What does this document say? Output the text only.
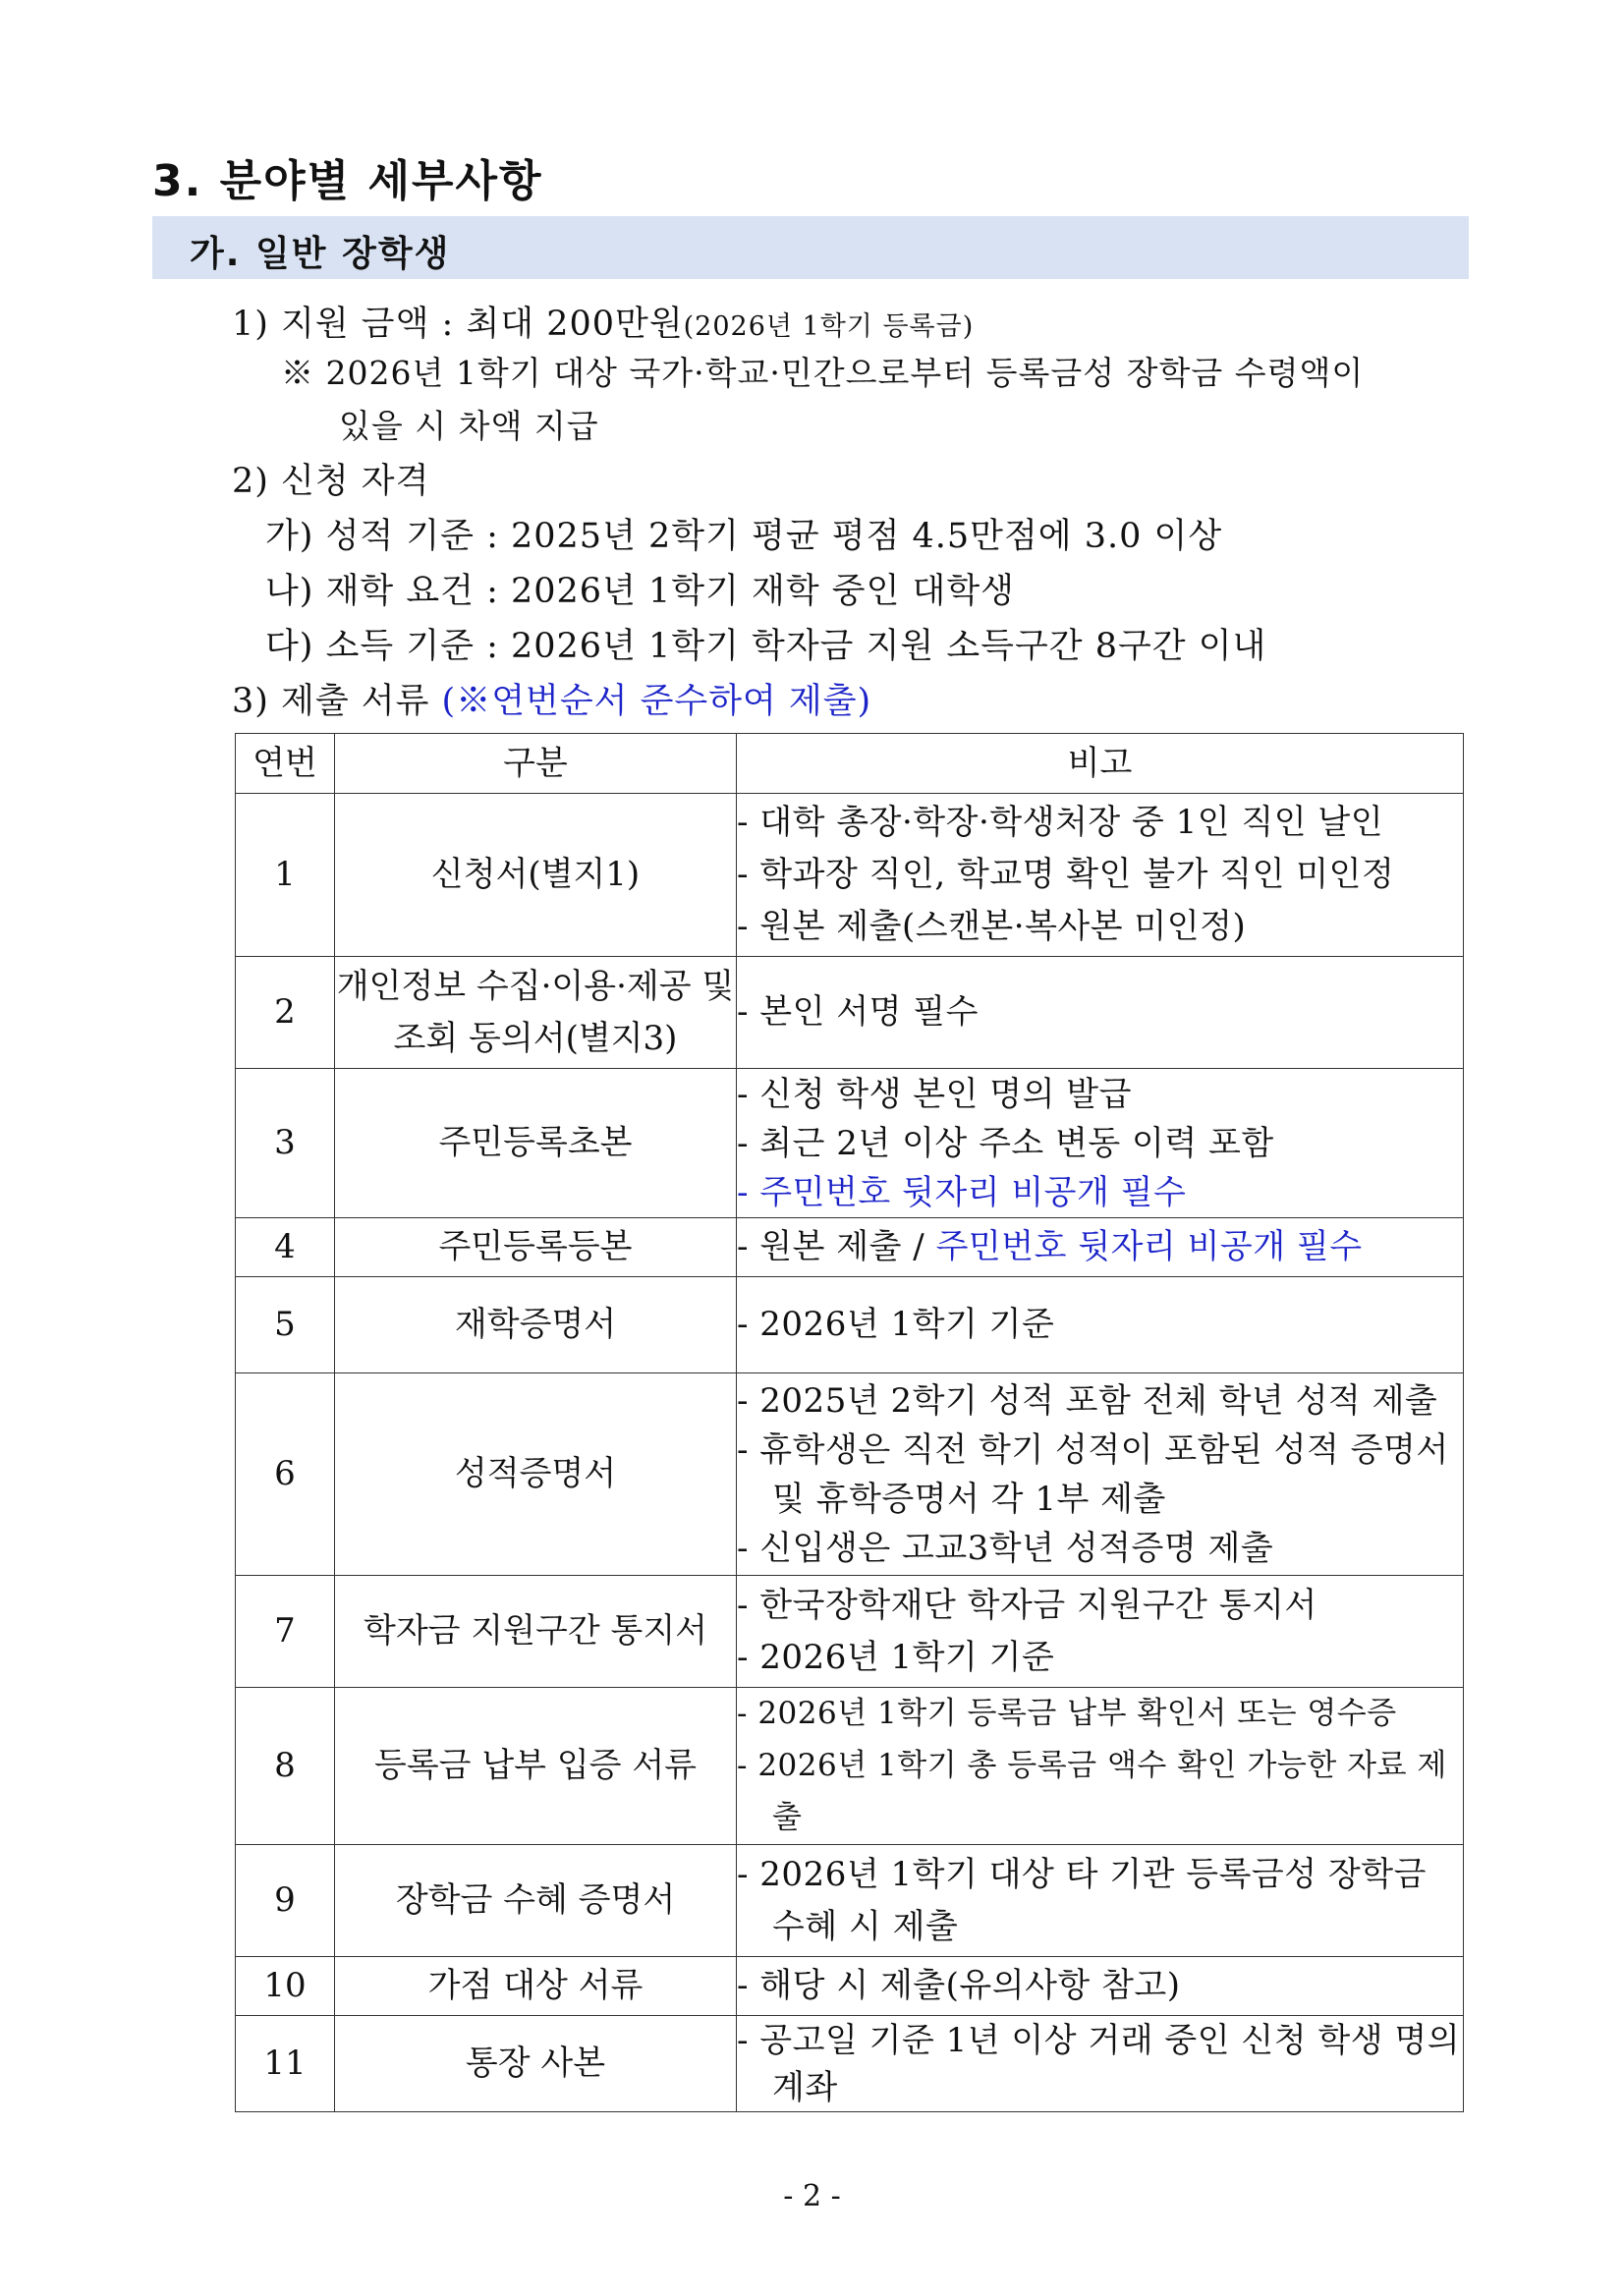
3. 분야별 세부사항
가. 일반 장학생
1) 지원 금액 : 최대 200만원(2026년 1학기 등록금)
※ 2026년 1학기 대상 국가·학교·민간으로부터 등록금성 장학금 수령액이
있을 시 차액 지급
2) 신청 자격
가) 성적 기준 : 2025년 2학기 평균 평점 4.5만점에 3.0 이상
나) 재학 요건 : 2026년 1학기 재학 중인 대학생
다) 소득 기준 : 2026년 1학기 학자금 지원 소득구간 8구간 이내
3) 제출 서류 (※연번순서 준수하여 제출)
연번	구분	비고
1	신청서(별지1)	- 대학 총장·학장·학생처장 중 1인 직인 날인
- 학과장 직인, 학교명 확인 불가 직인 미인정
- 원본 제출(스캔본·복사본 미인정)

2	개인정보 수집·이용·제공 및 조회 동의서(별지3)	- 본인 서명 필수

3	주민등록초본	- 신청 학생 본인 명의 발급
- 최근 2년 이상 주소 변동 이력 포함
- 주민번호 뒷자리 비공개 필수

4	주민등록등본	- 원본 제출 / 주민번호 뒷자리 비공개 필수

5	재학증명서	- 2026년 1학기 기준

6	성적증명서	- 2025년 2학기 성적 포함 전체 학년 성적 제출
- 휴학생은 직전 학기 성적이 포함된 성적 증명서 및 휴학증명서 각 1부 제출
- 신입생은 고교3학년 성적증명 제출

7	학자금 지원구간 통지서	- 한국장학재단 학자금 지원구간 통지서
- 2026년 1학기 기준

8	등록금 납부 입증 서류	- 2026년 1학기 등록금 납부 확인서 또는 영수증
- 2026년 1학기 총 등록금 액수 확인 가능한 자료 제출

9	장학금 수혜 증명서	- 2026년 1학기 대상 타 기관 등록금성 장학금 수혜 시 제출

10	가점 대상 서류	- 해당 시 제출(유의사항 참고)

11	통장 사본	- 공고일 기준 1년 이상 거래 중인 신청 학생 명의 계좌
- 2 -
